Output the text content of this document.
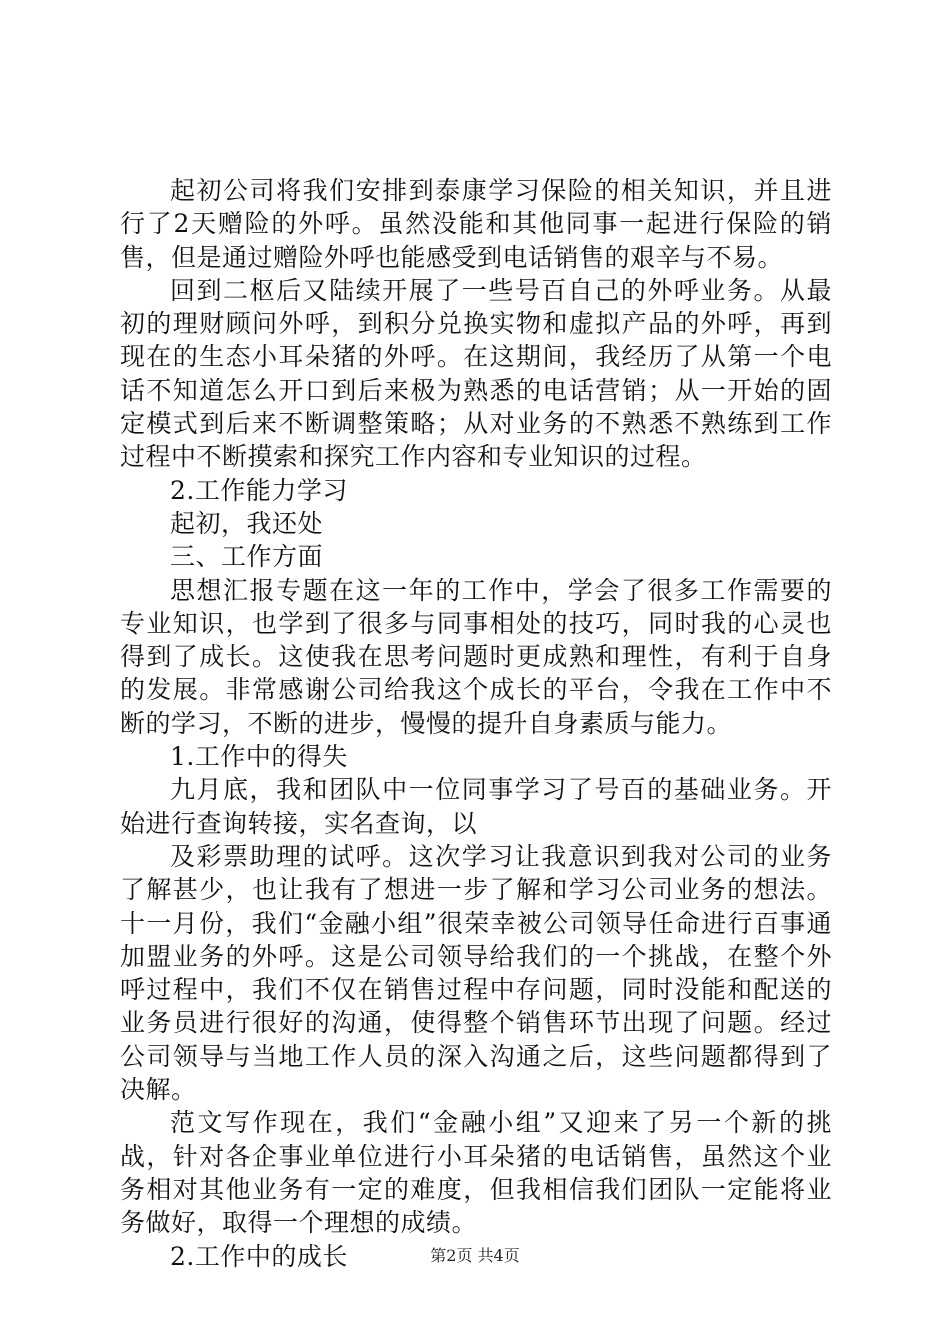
起初公司将我们安排到泰康学习保险的相关知识，并且进行了2天赠险的外呼。虽然没能和其他同事一起进行保险的销售，但是通过赠险外呼也能感受到电话销售的艰辛与不易。

回到二枢后又陆续开展了一些号百自己的外呼业务。从最初的理财顾问外呼，到积分兑换实物和虚拟产品的外呼，再到现在的生态小耳朵猪的外呼。在这期间，我经历了从第一个电话不知道怎么开口到后来极为熟悉的电话营销；从一开始的固定模式到后来不断调整策略；从对业务的不熟悉不熟练到工作过程中不断摸索和探究工作内容和专业知识的过程。

2.工作能力学习

起初，我还处

三、工作方面

思想汇报专题在这一年的工作中，学会了很多工作需要的专业知识，也学到了很多与同事相处的技巧，同时我的心灵也得到了成长。这使我在思考问题时更成熟和理性，有利于自身的发展。非常感谢公司给我这个成长的平台，令我在工作中不断的学习，不断的进步，慢慢的提升自身素质与能力。

1.工作中的得失

九月底，我和团队中一位同事学习了号百的基础业务。开始进行查询转接，实名查询，以

及彩票助理的试呼。这次学习让我意识到我对公司的业务了解甚少，也让我有了想进一步了解和学习公司业务的想法。十一月份，我们“金融小组”很荣幸被公司领导任命进行百事通加盟业务的外呼。这是公司领导给我们的一个挑战，在整个外呼过程中，我们不仅在销售过程中存问题，同时没能和配送的业务员进行很好的沟通，使得整个销售环节出现了问题。经过公司领导与当地工作人员的深入沟通之后，这些问题都得到了决解。

范文写作现在，我们“金融小组”又迎来了另一个新的挑战，针对各企事业单位进行小耳朵猪的电话销售，虽然这个业务相对其他业务有一定的难度，但我相信我们团队一定能将业务做好，取得一个理想的成绩。

2.工作中的成长	第2页 共4页
